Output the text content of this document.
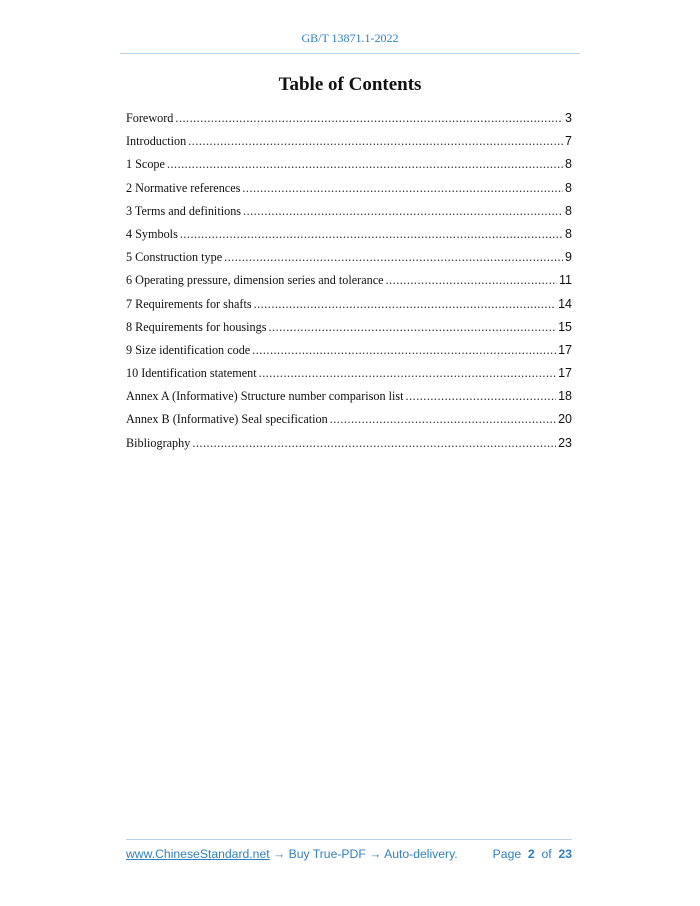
GB/T 13871.1-2022
Table of Contents
Foreword .....	3
Introduction .....	7
1 Scope .....	8
2 Normative references .....	8
3 Terms and definitions .....	8
4 Symbols .....	8
5 Construction type .....	9
6 Operating pressure, dimension series and tolerance .....	11
7 Requirements for shafts .....	14
8 Requirements for housings .....	15
9 Size identification code .....	17
10 Identification statement .....	17
Annex A (Informative) Structure number comparison list .....	18
Annex B (Informative) Seal specification .....	20
Bibliography .....	23
www.ChineseStandard.net → Buy True-PDF → Auto-delivery.	Page 2 of 23
